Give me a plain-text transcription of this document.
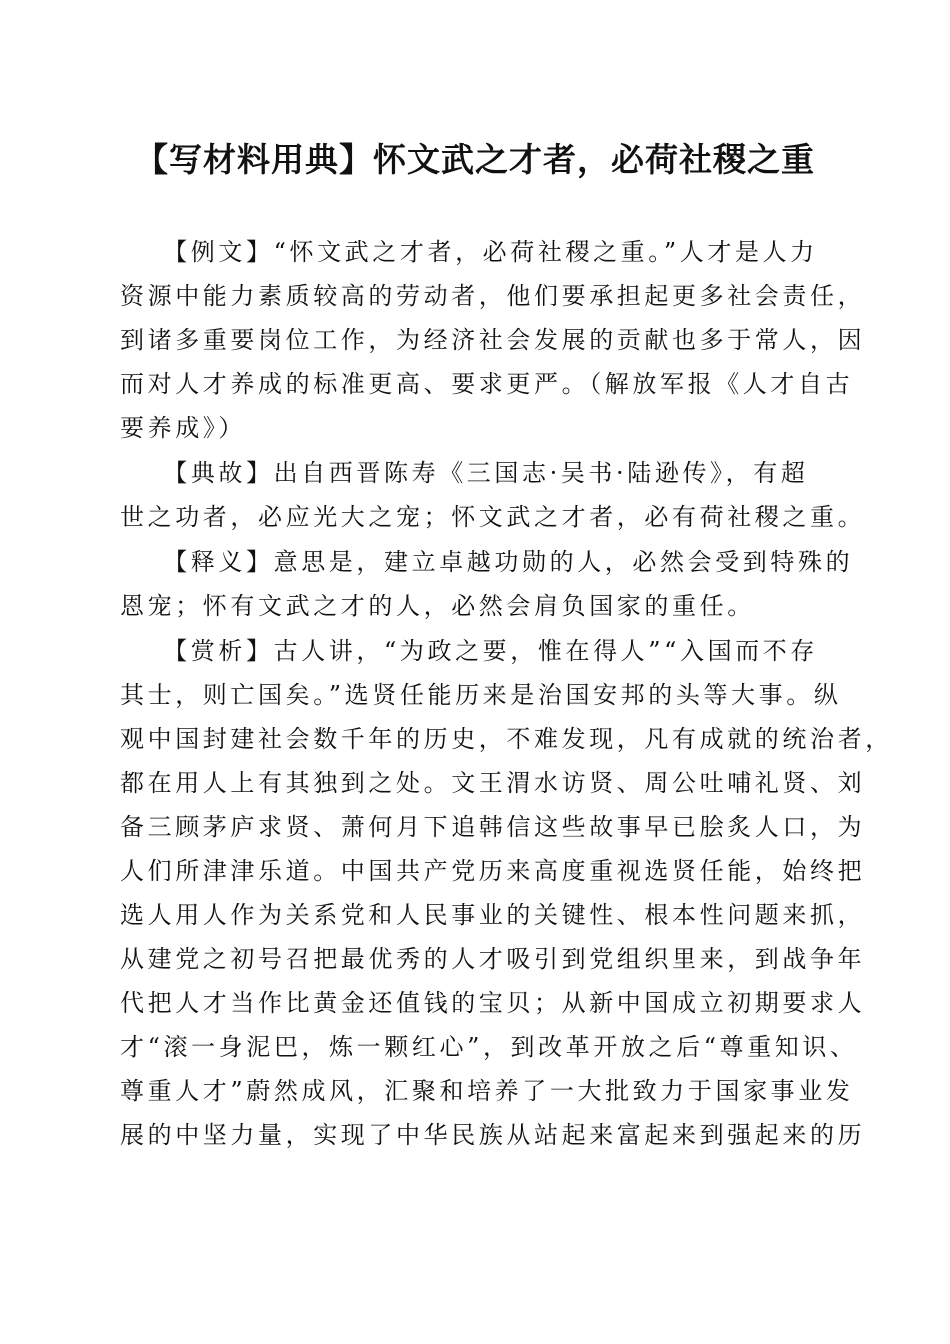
【写材料用典】怀文武之才者，必荷社稷之重
　　【例文】“怀文武之才者，必荷社稷之重。”人才是人力
资源中能力素质较高的劳动者，他们要承担起更多社会责任，
到诸多重要岗位工作，为经济社会发展的贡献也多于常人，因
而对人才养成的标准更高、要求更严。（解放军报《人才自古
要养成》）
　　【典故】出自西晋陈寿《三国志·吴书·陆逊传》，有超
世之功者，必应光大之宠；怀文武之才者，必有荷社稷之重。
　　【释义】意思是，建立卓越功勋的人，必然会受到特殊的
恩宠；怀有文武之才的人，必然会肩负国家的重任。
　　【赏析】古人讲，“为政之要，惟在得人”“入国而不存
其士，则亡国矣。”选贤任能历来是治国安邦的头等大事。纵
观中国封建社会数千年的历史，不难发现，凡有成就的统治者，
都在用人上有其独到之处。文王渭水访贤、周公吐哺礼贤、刘
备三顾茅庐求贤、萧何月下追韩信这些故事早已脍炙人口，为
人们所津津乐道。中国共产党历来高度重视选贤任能，始终把
选人用人作为关系党和人民事业的关键性、根本性问题来抓，
从建党之初号召把最优秀的人才吸引到党组织里来，到战争年
代把人才当作比黄金还值钱的宝贝；从新中国成立初期要求人
才“滚一身泥巴，炼一颗红心”，到改革开放之后“尊重知识、
尊重人才”蔚然成风，汇聚和培养了一大批致力于国家事业发
展的中坚力量，实现了中华民族从站起来富起来到强起来的历
